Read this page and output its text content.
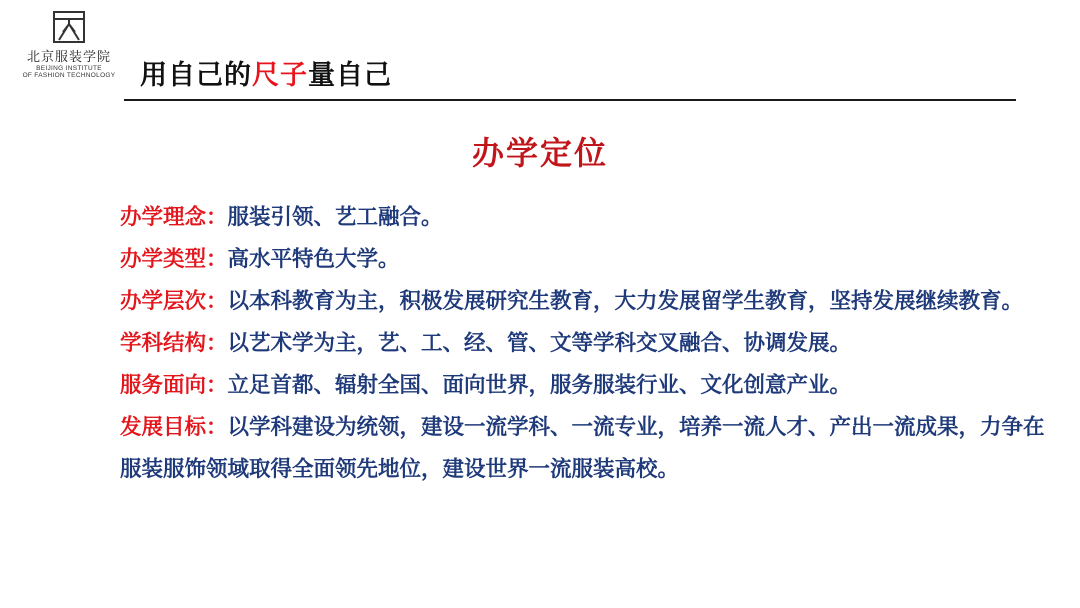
北京服装学院
BEIJING INSTITUTE
OF FASHION TECHNOLOGY 用自己的尺子量自己
办学定位

办学理念：服装引领、艺工融合。

办学类型：高水平特色大学。

办学层次：以本科教育为主，积极发展研究生教育，大力发展留学生教育，坚持发展继续教育。

学科结构：以艺术学为主，艺、工、经、管、文等学科交叉融合、协调发展。

服务面向：立足首都、辐射全国、面向世界，服务服装行业、文化创意产业。

发展目标：以学科建设为统领，建设一流学科、一流专业，培养一流人才、产出一流成果，力争在服装服饰领域取得全面领先地位，建设世界一流服装高校。
